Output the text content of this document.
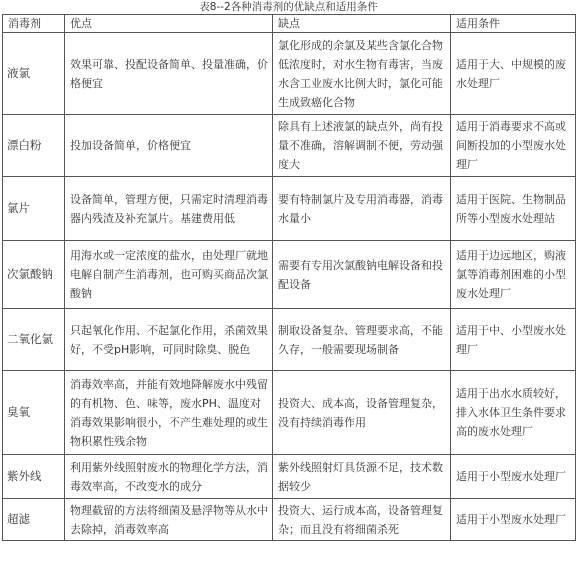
表8--2各种消毒剂的优缺点和适用条件
消毒剂	优点	缺点	适用条件
液氯	效果可靠、投配设备简单、投量准确，价格便宜	氯化形成的余氯及某些含氯化合物低浓度时，对水生物有毒害，当废水含工业废水比例大时，氯化可能生成致癌化合物	适用于大、中规模的废水处理厂
漂白粉	投加设备简单，价格便宜	除具有上述液氯的缺点外，尚有投量不准确，溶解调制不便，劳动强度大	适用于消毒要求不高或间断投加的小型废水处理厂
氯片	设备简单，管理方便，只需定时清理消毒器内残渣及补充氯片。基建费用低	要有特制氯片及专用消毒器，消毒水量小	适用于医院、生物制品所等小型废水处理站
次氯酸钠	用海水或一定浓度的盐水，由处理厂就地电解自制产生消毒剂，也可购买商品次氯酸钠	需要有专用次氯酸钠电解设备和投配设备	适用于边远地区，购液氯等消毒剂困难的小型废水处理厂
二氧化氯	只起氧化作用、不起氯化作用，杀菌效果好，不受pH影响，可同时除臭、脱色	制取设备复杂、管理要求高，不能久存，一般需要现场制备	适用于中、小型废水处理厂
臭氧	消毒效率高，并能有效地降解废水中残留的有机物、色、味等，废水PH、温度对消毒效果影响很小，不产生难处理的或生物积累性残余物	投资大、成本高，设备管理复杂，没有持续消毒作用	适用于出水水质较好，排入水体卫生条件要求高的废水处理厂
紫外线	利用紫外线照射废水的物理化学方法，消毒效率高，不改变水的成分	紫外线照射灯具货源不足，技术数据较少	适用于小型废水处理厂
超滤	物理截留的方法将细菌及悬浮物等从水中去除掉，消毒效率高	投资大、运行成本高，设备管理复杂；而且没有将细菌杀死	适用于小型废水处理厂
